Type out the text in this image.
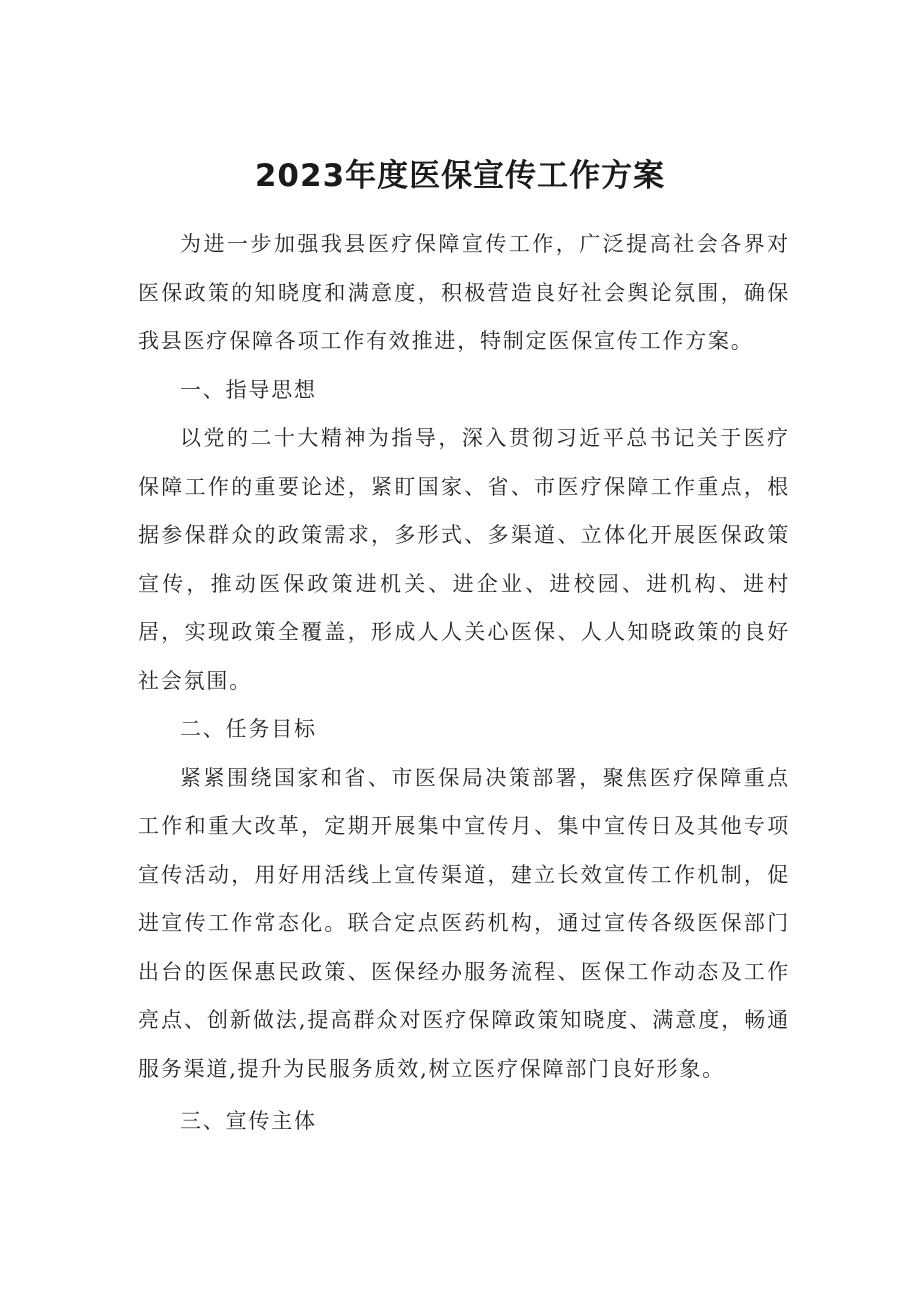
2023年度医保宣传工作方案

为进一步加强我县医疗保障宣传工作，广泛提高社会各界对医保政策的知晓度和满意度，积极营造良好社会舆论氛围，确保我县医疗保障各项工作有效推进，特制定医保宣传工作方案。

一、指导思想

以党的二十大精神为指导，深入贯彻习近平总书记关于医疗保障工作的重要论述，紧盯国家、省、市医疗保障工作重点，根据参保群众的政策需求，多形式、多渠道、立体化开展医保政策宣传，推动医保政策进机关、进企业、进校园、进机构、进村居，实现政策全覆盖，形成人人关心医保、人人知晓政策的良好社会氛围。

二、任务目标

紧紧围绕国家和省、市医保局决策部署，聚焦医疗保障重点工作和重大改革，定期开展集中宣传月、集中宣传日及其他专项宣传活动，用好用活线上宣传渠道，建立长效宣传工作机制，促进宣传工作常态化。联合定点医药机构，通过宣传各级医保部门出台的医保惠民政策、医保经办服务流程、医保工作动态及工作亮点、创新做法,提高群众对医疗保障政策知晓度、满意度，畅通服务渠道,提升为民服务质效,树立医疗保障部门良好形象。

三、宣传主体
